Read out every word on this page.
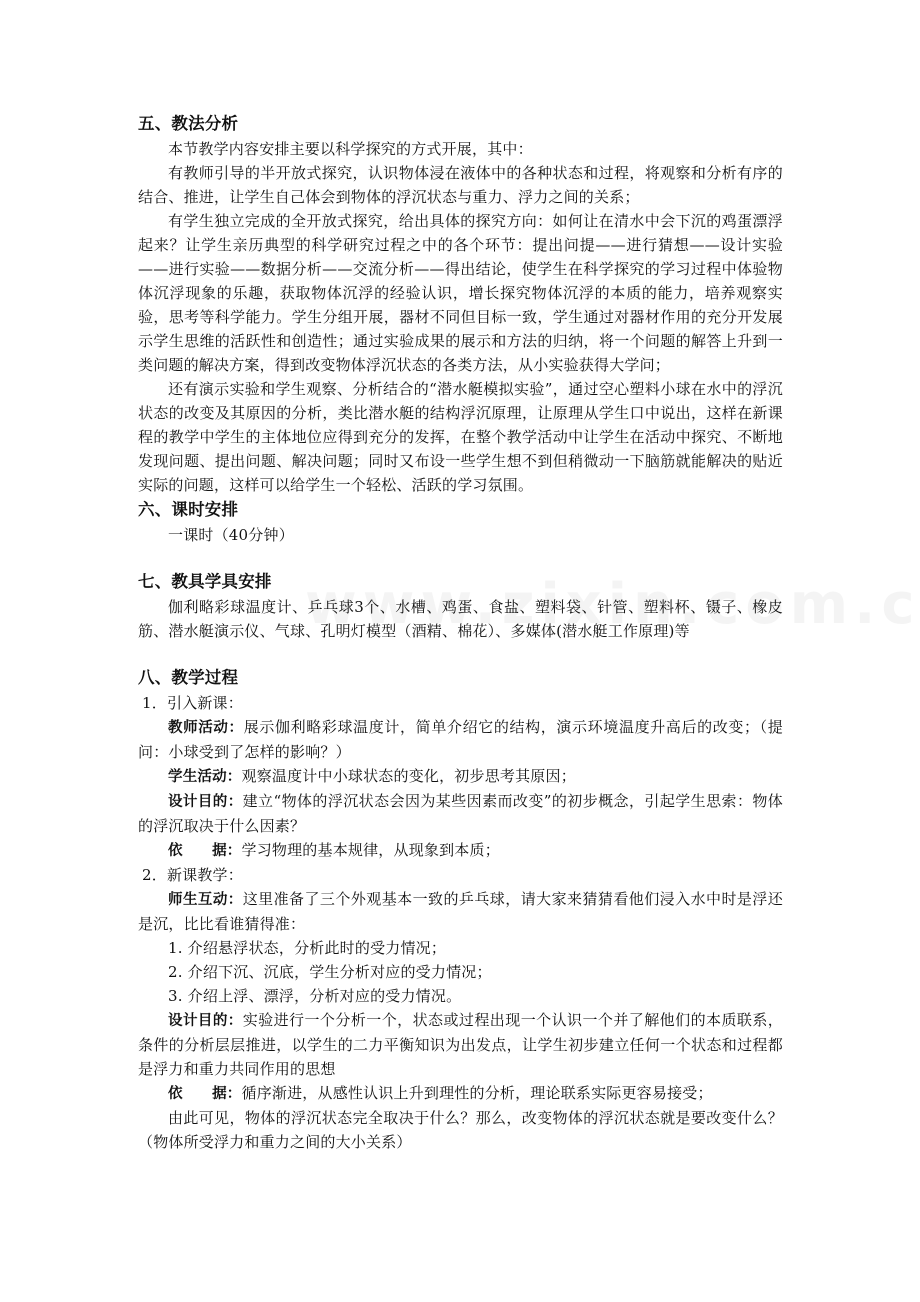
五、教法分析

本节教学内容安排主要以科学探究的方式开展，其中：

有教师引导的半开放式探究，认识物体浸在液体中的各种状态和过程，将观察和分析有序的结合、推进，让学生自己体会到物体的浮沉状态与重力、浮力之间的关系；

有学生独立完成的全开放式探究，给出具体的探究方向：如何让在清水中会下沉的鸡蛋漂浮起来？让学生亲历典型的科学研究过程之中的各个环节：提出问提——进行猜想——设计实验——进行实验——数据分析——交流分析——得出结论，使学生在科学探究的学习过程中体验物体沉浮现象的乐趣，获取物体沉浮的经验认识，增长探究物体沉浮的本质的能力，培养观察实验，思考等科学能力。学生分组开展，器材不同但目标一致，学生通过对器材作用的充分开发展示学生思维的活跃性和创造性；通过实验成果的展示和方法的归纳，将一个问题的解答上升到一类问题的解决方案，得到改变物体浮沉状态的各类方法，从小实验获得大学问；

还有演示实验和学生观察、分析结合的“潜水艇模拟实验”，通过空心塑料小球在水中的浮沉状态的改变及其原因的分析，类比潜水艇的结构浮沉原理，让原理从学生口中说出，这样在新课程的教学中学生的主体地位应得到充分的发挥，在整个教学活动中让学生在活动中探究、不断地发现问题、提出问题、解决问题；同时又布设一些学生想不到但稍微动一下脑筋就能解决的贴近实际的问题，这样可以给学生一个轻松、活跃的学习氛围。

六、课时安排

一课时（40分钟）

七、教具学具安排

伽利略彩球温度计、乒乓球3个、水槽、鸡蛋、食盐、塑料袋、针管、塑料杯、镊子、橡皮筋、潜水艇演示仪、气球、孔明灯模型（酒精、棉花）、多媒体(潜水艇工作原理)等

八、教学过程

1．引入新课：

教师活动：展示伽利略彩球温度计，简单介绍它的结构，演示环境温度升高后的改变；（提问：小球受到了怎样的影响？）

学生活动：观察温度计中小球状态的变化，初步思考其原因；

设计目的：建立“物体的浮沉状态会因为某些因素而改变”的初步概念，引起学生思索：物体的浮沉取决于什么因素？

依　　据：学习物理的基本规律，从现象到本质；

2．新课教学：

师生互动：这里准备了三个外观基本一致的乒乓球，请大家来猜猜看他们浸入水中时是浮还是沉，比比看谁猜得准：

1. 介绍悬浮状态，分析此时的受力情况；

2. 介绍下沉、沉底，学生分析对应的受力情况；

3. 介绍上浮、漂浮，分析对应的受力情况。

设计目的：实验进行一个分析一个，状态或过程出现一个认识一个并了解他们的本质联系，条件的分析层层推进，以学生的二力平衡知识为出发点，让学生初步建立任何一个状态和过程都是浮力和重力共同作用的思想

依　　据：循序渐进，从感性认识上升到理性的分析，理论联系实际更容易接受；

由此可见，物体的浮沉状态完全取决于什么？那么，改变物体的浮沉状态就是要改变什么？（物体所受浮力和重力之间的大小关系）
